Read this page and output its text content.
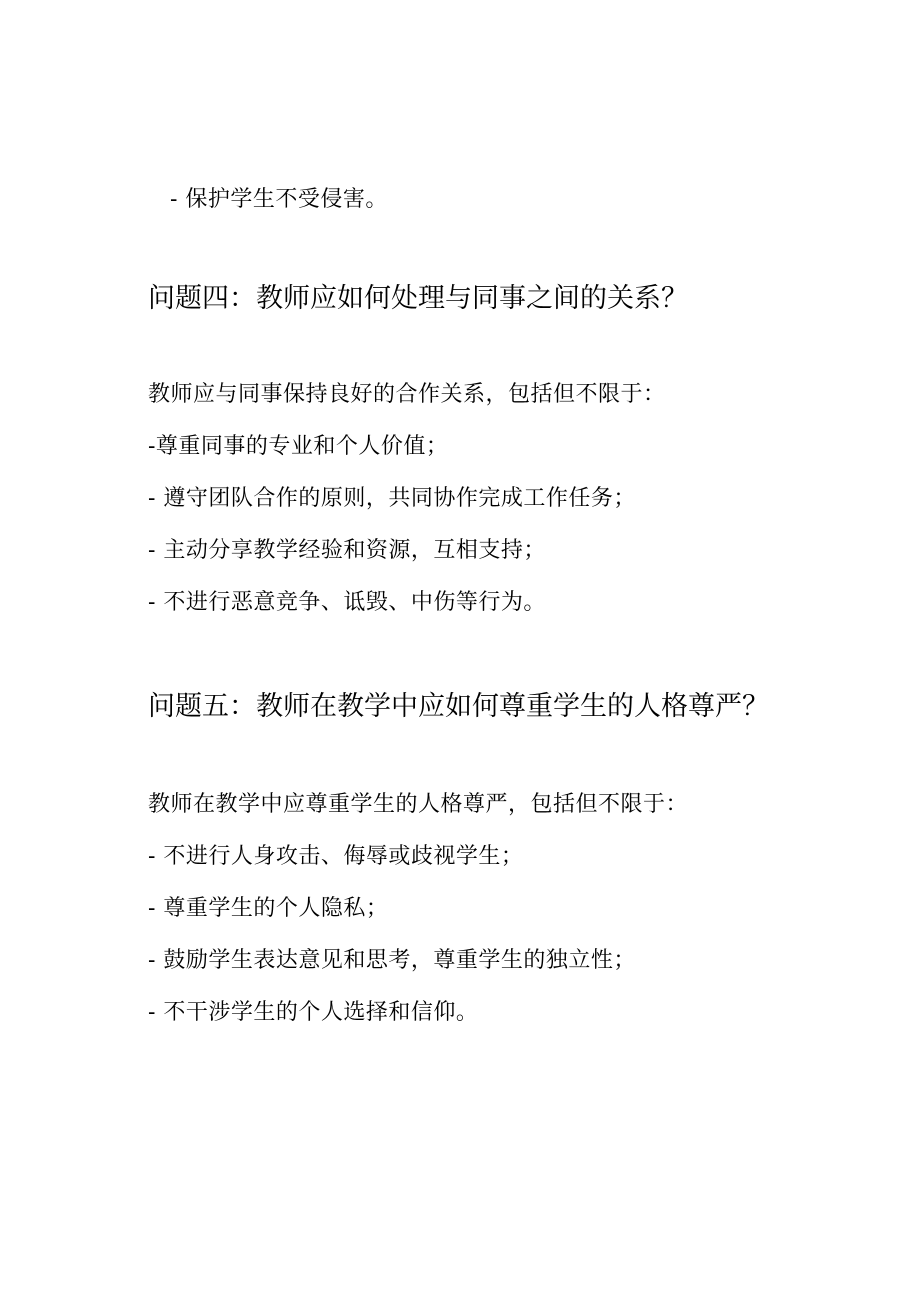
- 保护学生不受侵害。
问题四：教师应如何处理与同事之间的关系？
教师应与同事保持良好的合作关系，包括但不限于：
-尊重同事的专业和个人价值；
- 遵守团队合作的原则，共同协作完成工作任务；
- 主动分享教学经验和资源，互相支持；
- 不进行恶意竞争、诋毁、中伤等行为。
问题五：教师在教学中应如何尊重学生的人格尊严？
教师在教学中应尊重学生的人格尊严，包括但不限于：
- 不进行人身攻击、侮辱或歧视学生；
- 尊重学生的个人隐私；
- 鼓励学生表达意见和思考，尊重学生的独立性；
- 不干涉学生的个人选择和信仰。
